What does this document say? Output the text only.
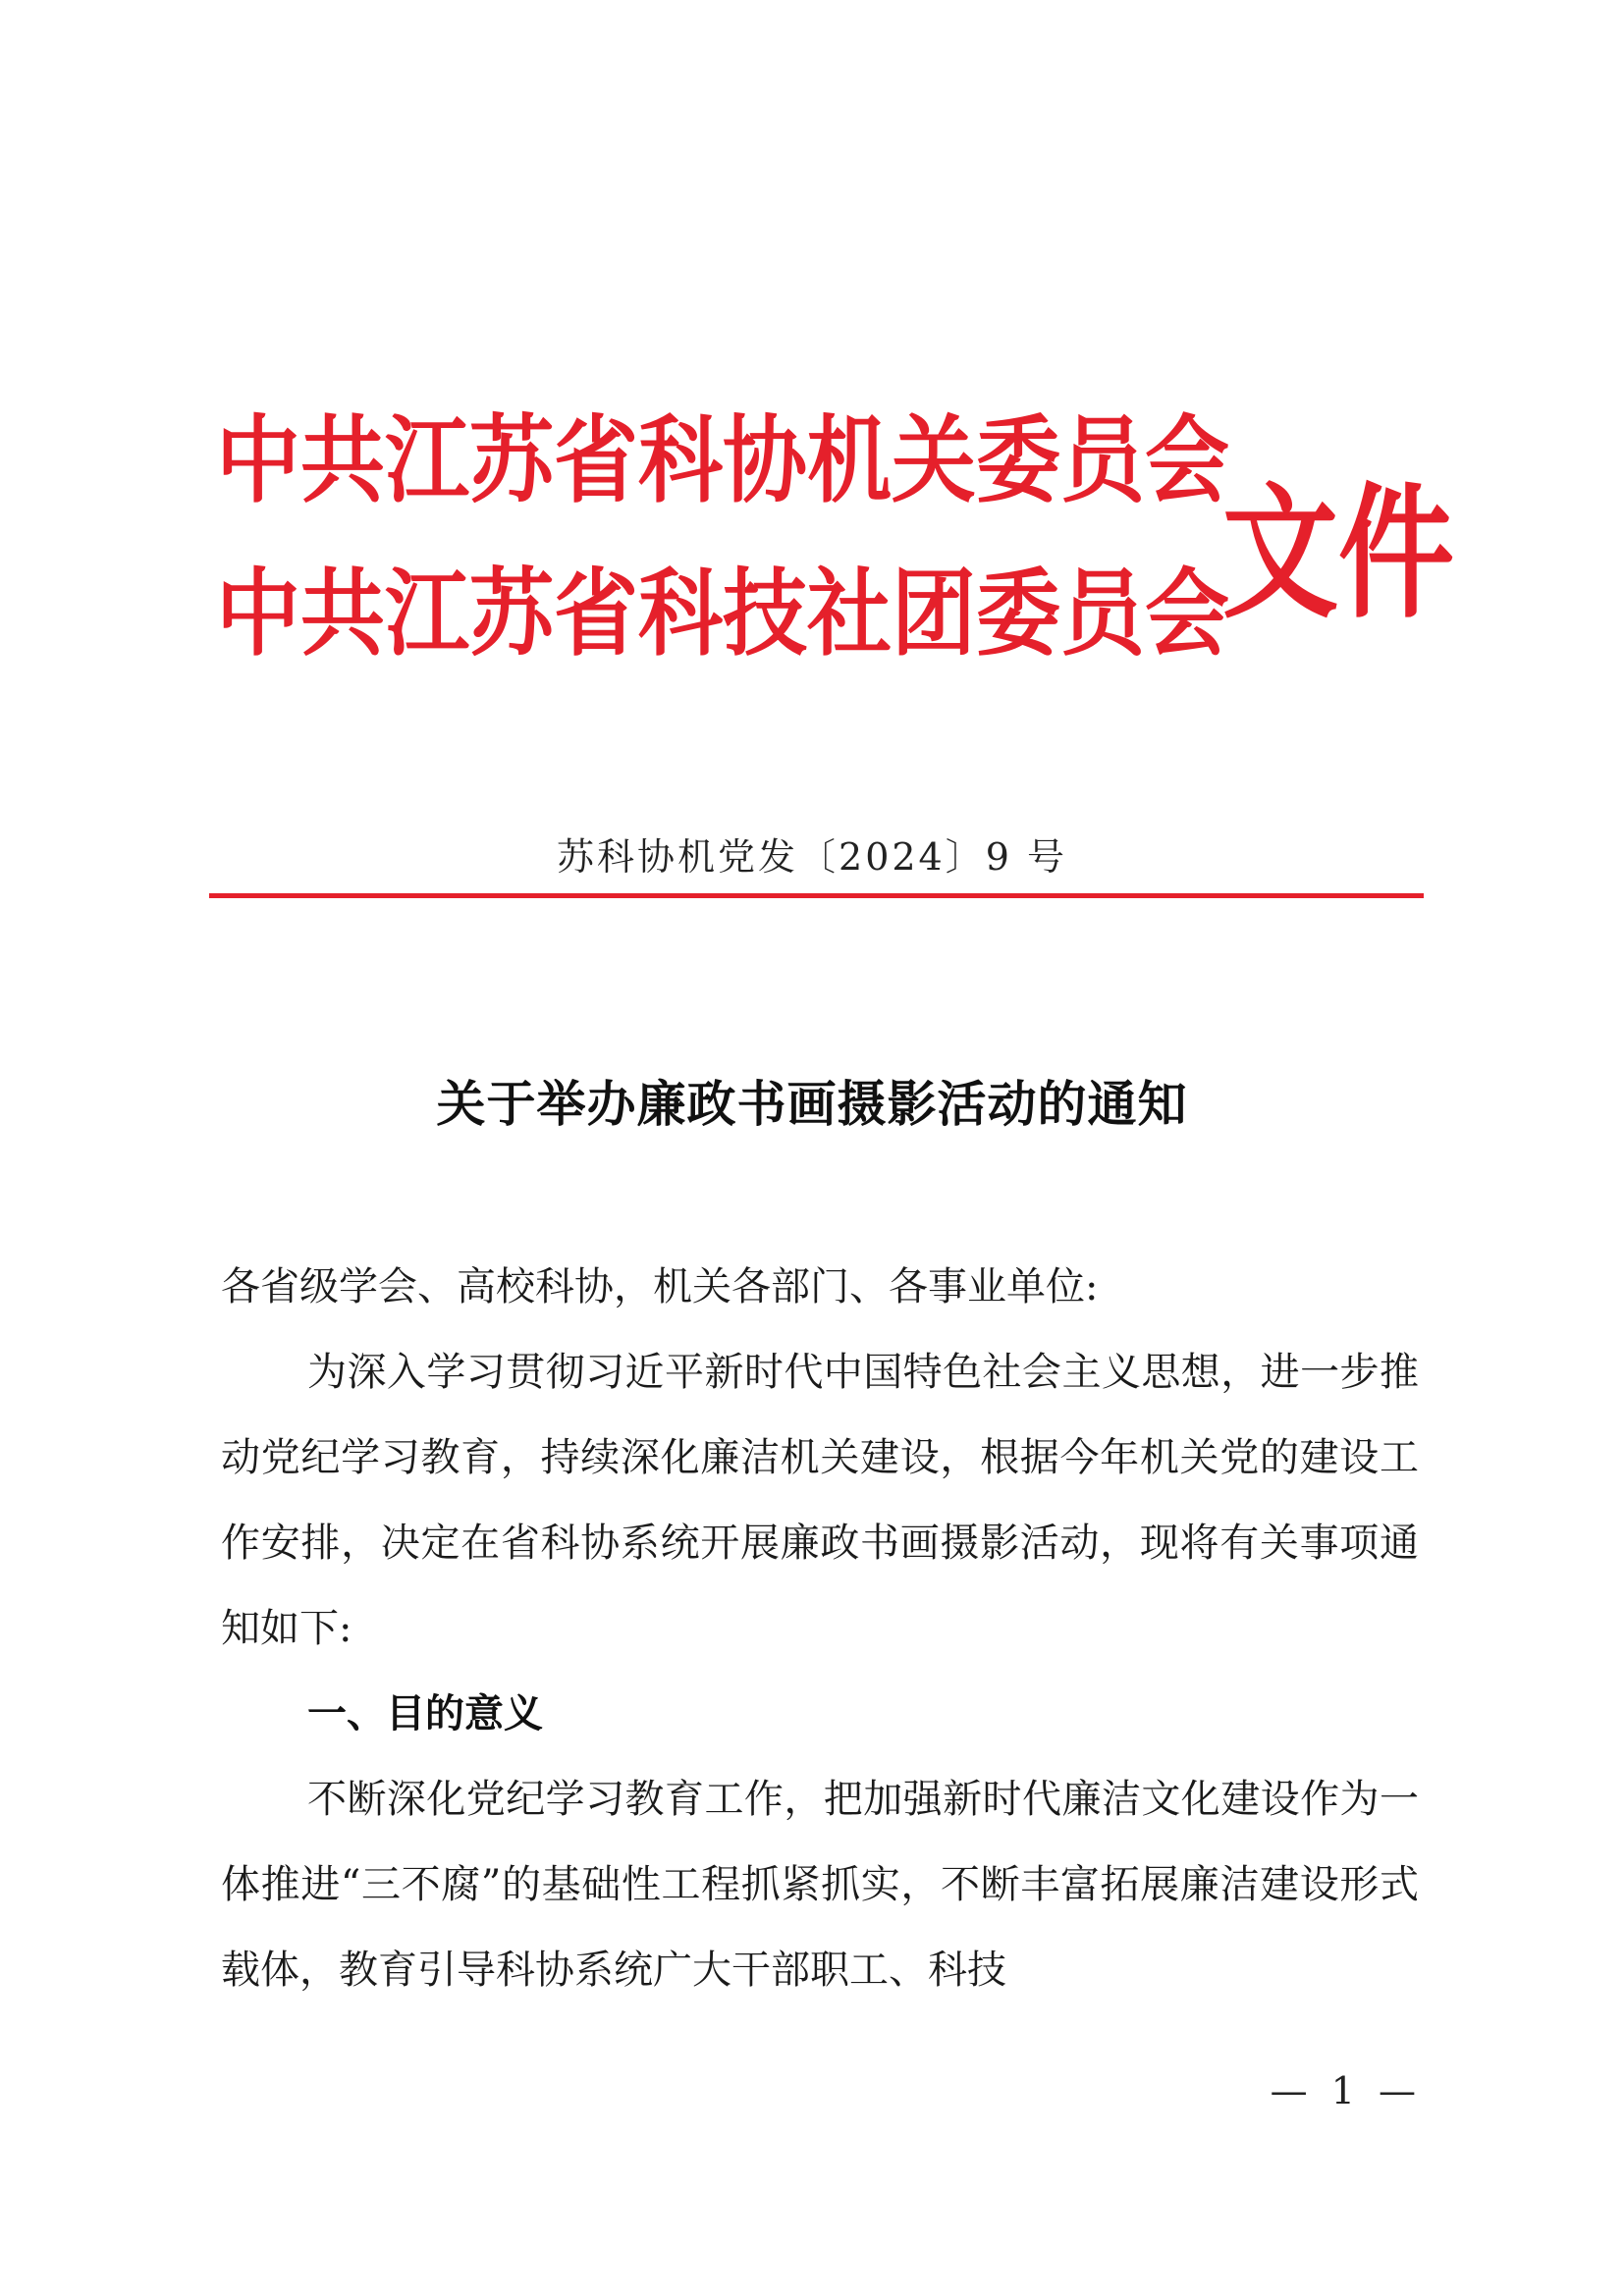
中共江苏省科协机关委员会
中共江苏省科技社团委员会
文件
苏科协机党发〔2024〕9 号
关于举办廉政书画摄影活动的通知
各省级学会、高校科协，机关各部门、各事业单位:
为深入学习贯彻习近平新时代中国特色社会主义思想，进一步推动党纪学习教育，持续深化廉洁机关建设，根据今年机关党的建设工作安排，决定在省科协系统开展廉政书画摄影活动，现将有关事项通知如下:
一、目的意义
不断深化党纪学习教育工作，把加强新时代廉洁文化建设作为一体推进“三不腐”的基础性工程抓紧抓实，不断丰富拓展廉洁建设形式载体，教育引导科协系统广大干部职工、科技
— 1 —
